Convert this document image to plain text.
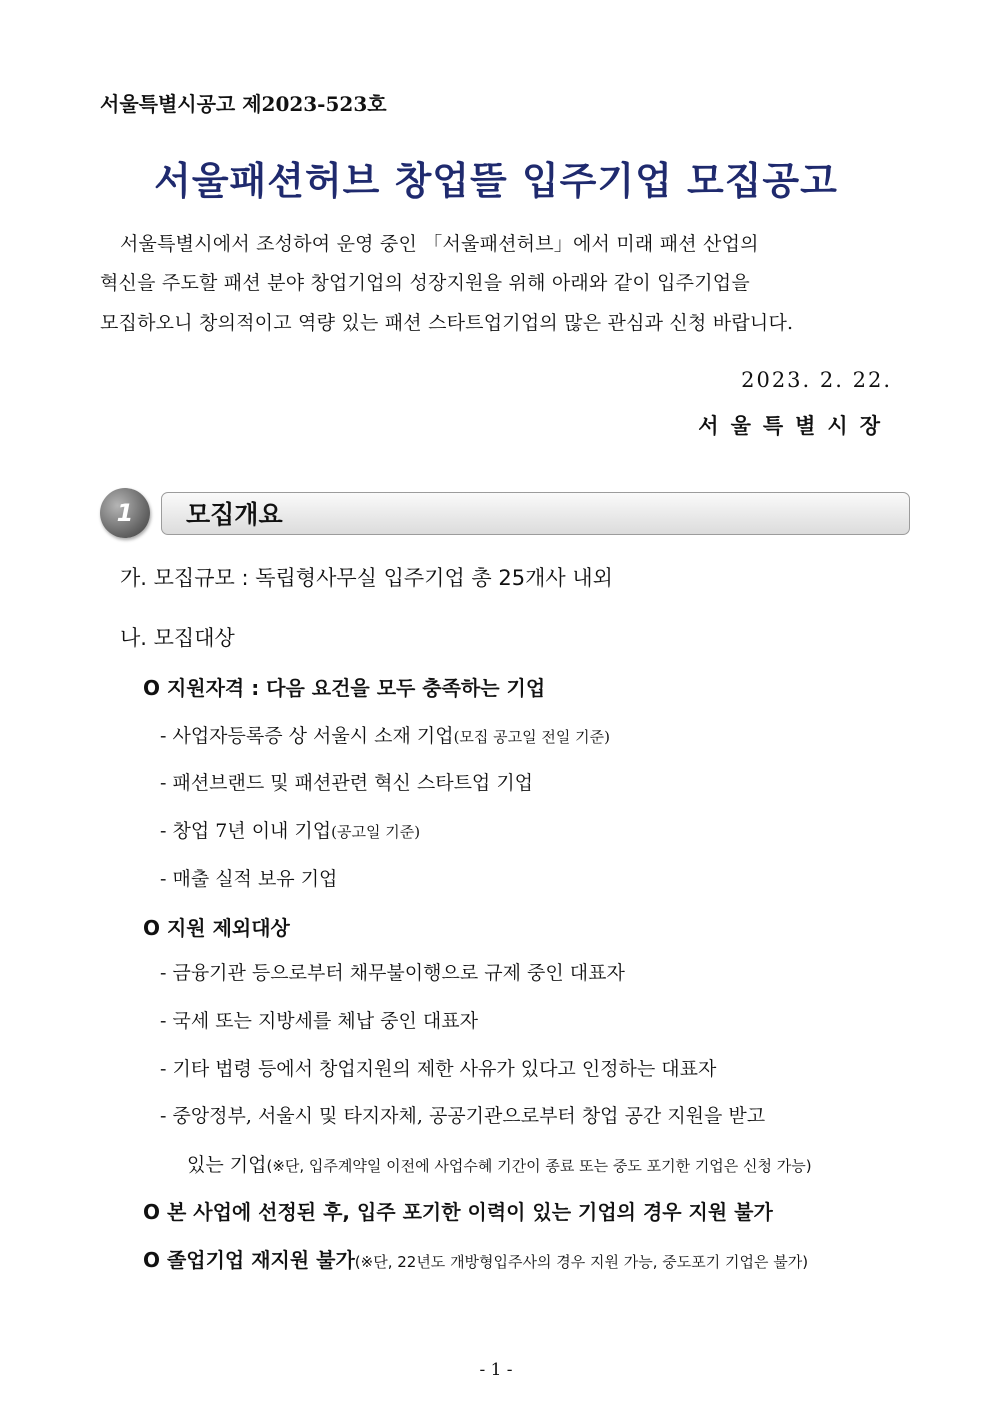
서울특별시공고 제2023-523호
서울패션허브 창업뜰 입주기업 모집공고
서울특별시에서 조성하여 운영 중인 「서울패션허브」에서 미래 패션 산업의
혁신을 주도할 패션 분야 창업기업의 성장지원을 위해 아래와 같이 입주기업을
모집하오니 창의적이고 역량 있는 패션 스타트업기업의 많은 관심과 신청 바랍니다.
2023. 2. 22.
서울특별시장
1	모집개요
가. 모집규모 : 독립형사무실 입주기업 총 25개사 내외
나. 모집대상
O 지원자격 : 다음 요건을 모두 충족하는 기업
- 사업자등록증 상 서울시 소재 기업(모집 공고일 전일 기준)
- 패션브랜드 및 패션관련 혁신 스타트업 기업
- 창업 7년 이내 기업(공고일 기준)
- 매출 실적 보유 기업
O 지원 제외대상
- 금융기관 등으로부터 채무불이행으로 규제 중인 대표자
- 국세 또는 지방세를 체납 중인 대표자
- 기타 법령 등에서 창업지원의 제한 사유가 있다고 인정하는 대표자
- 중앙정부, 서울시 및 타지자체, 공공기관으로부터 창업 공간 지원을 받고
있는 기업(※단, 입주계약일 이전에 사업수혜 기간이 종료 또는 중도 포기한 기업은 신청 가능)
O 본 사업에 선정된 후, 입주 포기한 이력이 있는 기업의 경우 지원 불가
O 졸업기업 재지원 불가(※단, 22년도 개방형입주사의 경우 지원 가능, 중도포기 기업은 불가)
- 1 -
